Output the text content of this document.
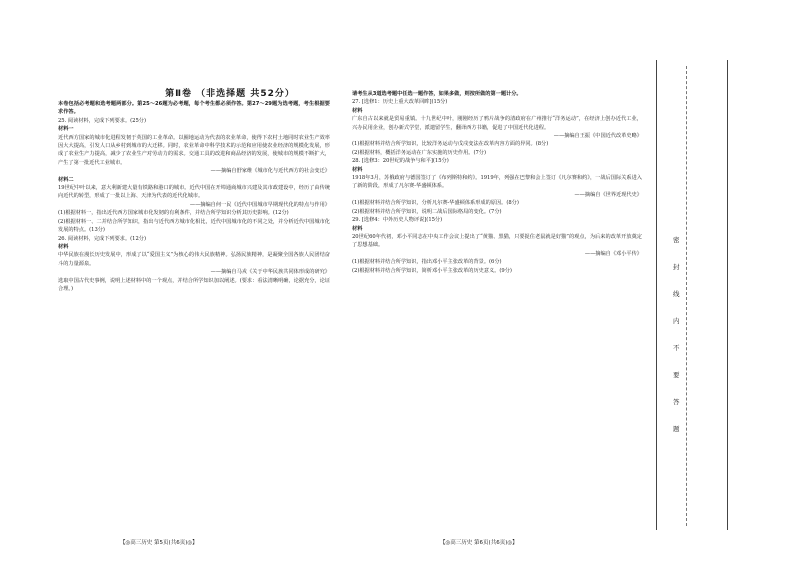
第Ⅱ卷 （非选择题 共52分）

本卷包括必考题和选考题两部分。第25～26题为必考题，每个考生都必须作答。第27～29题为选考题，考生根据要求作答。

25. 阅读材料，完成下列要求。(25分)

材料一

近代西方国家的城市化进程发韧于英国的工业革命。以圈地运动为代表的农业革命，使得下农村土地同时农业生产效率因大大提高，引发人口从乡村到城市的大迁移。同时，农业革命中科学技术的示范和应用使农业经济的规模化发展，形成了农业生产力提高，减少了农业生产对劳动力的需求。交通工具的改进和商品经济的发展，使城市的规模不断扩大，产生了第一批近代工业城市。

——摘编自舒家维《城市化与近代西方的社会变迁》

材料二

19世纪中叶以来，意大利新建大量有铁路和港口的城市。近代中国在开埠通商城市兴建及其市政建设中，经历了由传统向近代的转型，形成了一批以上海、天津为代表的近代化城市。

——摘编自何一民《近代中国城市早期现代化的特点与作用》

(1)根据材料一，指出近代西方国家城市化发韧的有利条件，并结合所学知识分析其历史影响。(12分)

(2)根据材料一、二并结合所学知识，指出与近代西方城市化相比，近代中国城市化的不同之处，并分析近代中国城市化发展的特点。(13分)

26. 阅读材料，完成下列要求。(12分)

材料

中华民族在漫长历史发展中，形成了以“爱国主义”为核心的伟大民族精神。弘扬民族精神，是凝聚全国各族人民团结奋斗的力量源泉。

——摘编自马戎《关于中华民族共同体形成的研究》

选取中国古代史事例，说明上述材料中的一个观点，并结合所学知识加以阐述。(要求：看法清晰明确，论据充分，论证合理。)

【◎高三历史 第5页(共6页)◎】

请考生从3道选考题中任选一题作答，如果多做，则按所做的第一题计分。

27. [选修1：历史上重大改革回眸](15分)

材料

广东自古以来就是贸易重镇。十九世纪中叶，刚刚经历了鸦片战争的清政府在广州推行“洋务运动”，在经济上创办近代工业，兴办民用企业，创办新式学堂，派遣留学生，翻译西方书籍，促进了中国近代化进程。

——摘编自王振《中国近代改革史略》

(1)根据材料并结合所学知识，比较洋务运动与戊戌变法在改革内容方面的异同。(8分)

(2)根据材料，概括洋务运动在广东实施的历史作用。(7分)

28. [选修3：20世纪的战争与和平](15分)

材料

1918年3月，苏俄政府与德国签订了《布列斯特和约》。1919年，列强在巴黎和会上签订《凡尔赛和约》，一战后国际关系进入了新的阶段，形成了凡尔赛-华盛顿体系。

——摘编自《世界近现代史》

(1)根据材料并结合所学知识，分析凡尔赛-华盛顿体系形成的原因。(8分)

(2)根据材料并结合所学知识，说明二战后国际格局的变化。(7分)

29. [选修4：中外历史人物评说](15分)

材料

20世纪60年代初，邓小平同志在中央工作会议上提出了“黄猫、黑猫，只要捉住老鼠就是好猫”的观点，为后来的改革开放奠定了思想基础。

——摘编自《邓小平传》

(1)根据材料并结合所学知识，指出邓小平主张改革的背景。(6分)

(2)根据材料并结合所学知识，简析邓小平主张改革的历史意义。(9分)

【◎高三历史 第6页(共6页)◎】
密
封
线
内
不
要
答
题
